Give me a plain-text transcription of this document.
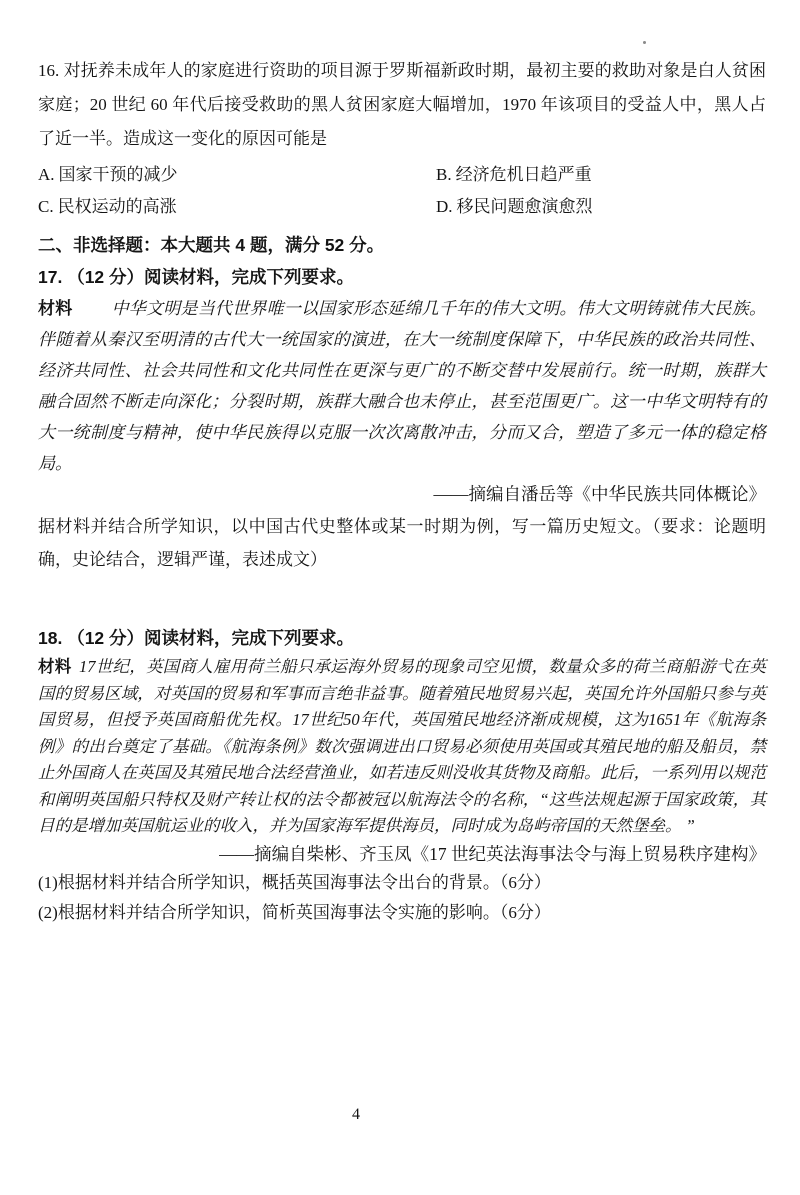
16. 对抚养未成年人的家庭进行资助的项目源于罗斯福新政时期，最初主要的救助对象是白人贫困家庭；20 世纪 60 年代后接受救助的黑人贫困家庭大幅增加，1970 年该项目的受益人中，黑人占了近一半。造成这一变化的原因可能是

A. 国家干预的减少	B. 经济危机日趋严重
C. 民权运动的高涨	D. 移民问题愈演愈烈

二、非选择题：本大题共 4 题，满分 52 分。

17. （12 分）阅读材料，完成下列要求。

材料 中华文明是当代世界唯一以国家形态延绵几千年的伟大文明。伟大文明铸就伟大民族。伴随着从秦汉至明清的古代大一统国家的演进，在大一统制度保障下，中华民族的政治共同性、经济共同性、社会共同性和文化共同性在更深与更广的不断交替中发展前行。统一时期，族群大融合固然不断走向深化；分裂时期，族群大融合也未停止，甚至范围更广。这一中华文明特有的大一统制度与精神，使中华民族得以克服一次次离散冲击，分而又合，塑造了多元一体的稳定格局。

——摘编自潘岳等《中华民族共同体概论》

据材料并结合所学知识，以中国古代史整体或某一时期为例，写一篇历史短文。（要求：论题明确，史论结合，逻辑严谨，表述成文）

18. （12 分）阅读材料，完成下列要求。

材料 17世纪，英国商人雇用荷兰船只承运海外贸易的现象司空见惯，数量众多的荷兰商船游弋在英国的贸易区域，对英国的贸易和军事而言绝非益事。随着殖民地贸易兴起，英国允许外国船只参与英国贸易，但授予英国商船优先权。17世纪50年代，英国殖民地经济渐成规模，这为1651年《航海条例》的出台奠定了基础。《航海条例》数次强调进出口贸易必须使用英国或其殖民地的船及船员，禁止外国商人在英国及其殖民地合法经营渔业，如若违反则没收其货物及商船。此后，一系列用以规范和阐明英国船只特权及财产转让权的法令都被冠以航海法令的名称，“这些法规起源于国家政策，其目的是增加英国航运业的收入，并为国家海军提供海员，同时成为岛屿帝国的天然堡垒。 ”

——摘编自柴彬、齐玉凤《17 世纪英法海事法令与海上贸易秩序建构》

(1)根据材料并结合所学知识，概括英国海事法令出台的背景。（6分）

(2)根据材料并结合所学知识，简析英国海事法令实施的影响。（6分）

4
